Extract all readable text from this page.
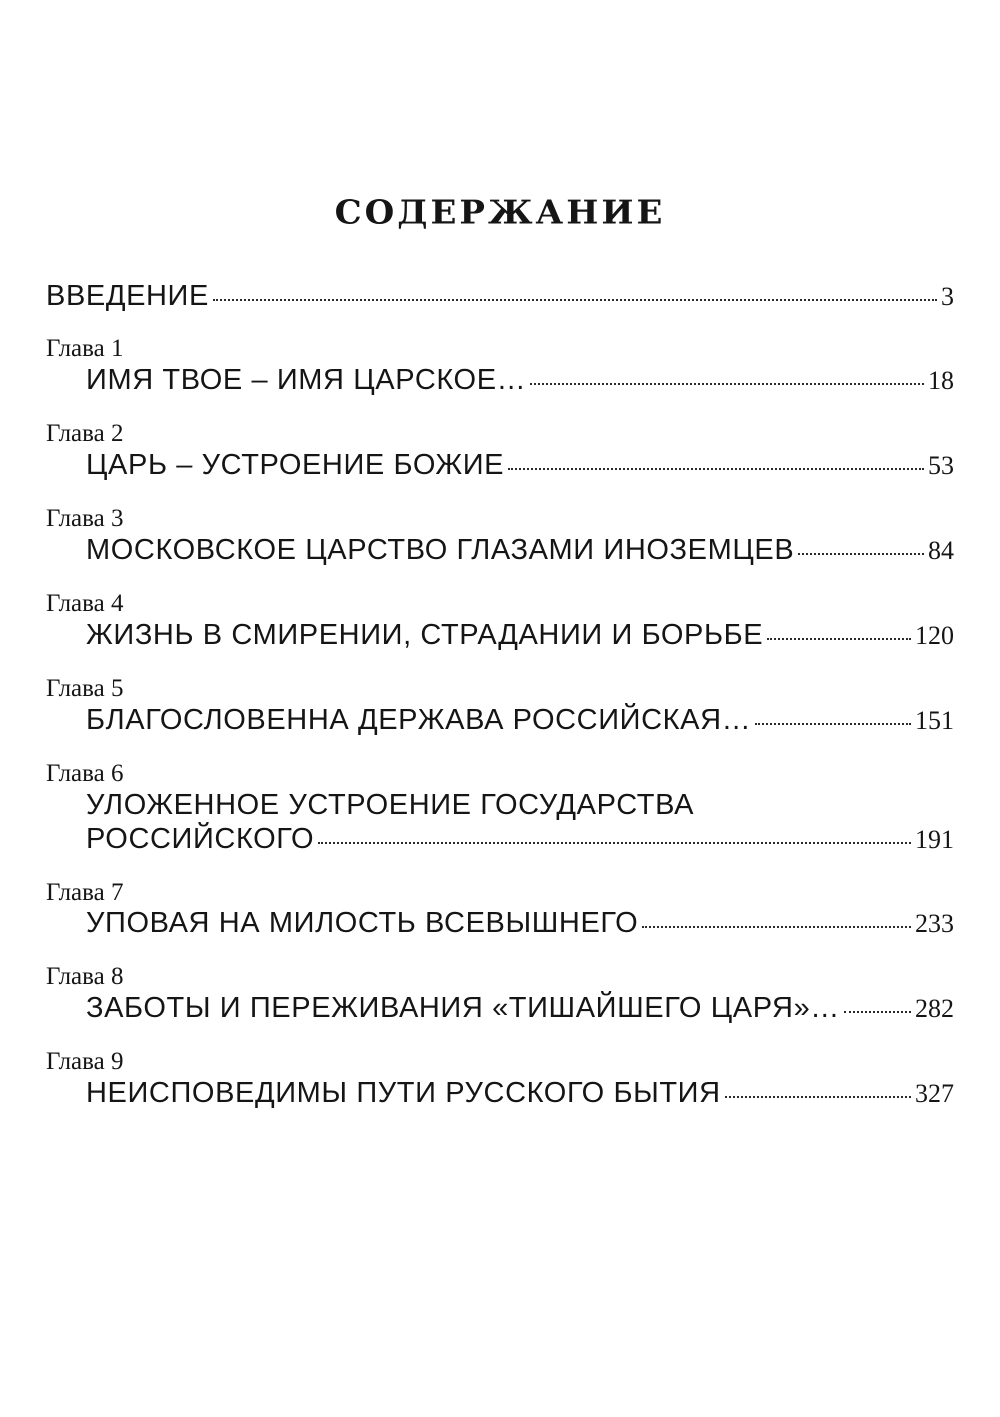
СОДЕРЖАНИЕ
ВВЕДЕНИЕ	3
Глава 1
ИМЯ ТВОЕ – ИМЯ ЦАРСКОЕ…	18
Глава 2
ЦАРЬ – УСТРОЕНИЕ БОЖИЕ	53
Глава 3
МОСКОВСКОЕ ЦАРСТВО ГЛАЗАМИ ИНОЗЕМЦЕВ	84
Глава 4
ЖИЗНЬ В СМИРЕНИИ, СТРАДАНИИ И БОРЬБЕ	120
Глава 5
БЛАГОСЛОВЕННА ДЕРЖАВА РОССИЙСКАЯ…	151
Глава 6
УЛОЖЕННОЕ УСТРОЕНИЕ ГОСУДАРСТВА
РОССИЙСКОГО	191
Глава 7
УПОВАЯ НА МИЛОСТЬ ВСЕВЫШНЕГО	233
Глава 8
ЗАБОТЫ И ПЕРЕЖИВАНИЯ «ТИШАЙШЕГО ЦАРЯ»…	282
Глава 9
НЕИСПОВЕДИМЫ ПУТИ РУССКОГО БЫТИЯ	327
